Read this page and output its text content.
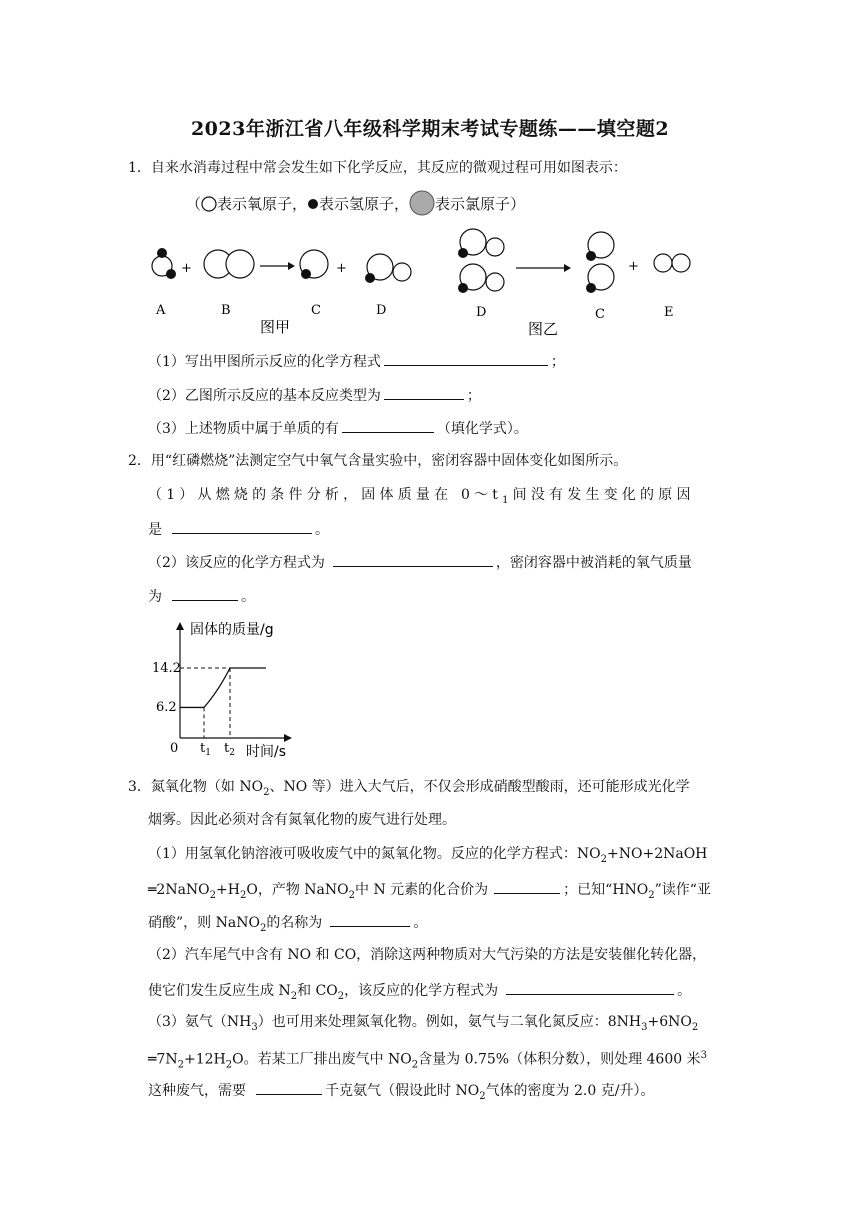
2023年浙江省八年级科学期末考试专题练——填空题2
1．自来水消毒过程中常会发生如下化学反应，其反应的微观过程可用如图表示：
（ 表示氧原子， 表示氢原子， 表示氯原子）
+	+
A	B	C	D
图甲
+
D	C	E
图乙
（1）写出甲图所示反应的化学方程式	；
（2）乙图所示反应的基本反应类型为	；
（3）上述物质中属于单质的有	（填化学式）。
2．用“红磷燃烧”法测定空气中氧气含量实验中，密闭容器中固体变化如图所示。
（1）从燃烧的条件分析，固体质量在 $0\sim t_1$间没有发生变化的原因
是	。
（2）该反应的化学方程式为	，密闭容器中被消耗的氧气质量
为	。
固体的质量/g
14.2
6.2
0 $t_1$ $t_2$ 时间/s
3．氮氧化物（如 $NO_2$、NO 等）进入大气后，不仅会形成硝酸型酸雨，还可能形成光化学
烟雾。因此必须对含有氮氧化物的废气进行处理。
（1）用氢氧化钠溶液可吸收废气中的氮氧化物。反应的化学方程式：$NO_2+NO+2NaOH$
$═2NaNO_2+H_2O$，产物 NaNO$_2$中 N 元素的化合价为	；已知“$HNO_2$”读作“亚
硝酸”，则 NaNO$_2$的名称为	。
（2）汽车尾气中含有 NO 和 CO，消除这两种物质对大气污染的方法是安装催化转化器，
使它们发生反应生成 $N_2$和 $CO_2$，该反应的化学方程式为	。
（3）氨气$(NH_3)$也可用来处理氮氧化物。例如，氨气与二氧化氮反应：$8NH_3+6NO_2$
$═7N_2+12H_2O$。若某工厂排出废气中 $NO_2$含量为 0.75%（体积分数），则处理 4600 米$^3$
这种废气，需要	千克氨气（假设此时 $NO_2$气体的密度为 2.0 克/升）。
